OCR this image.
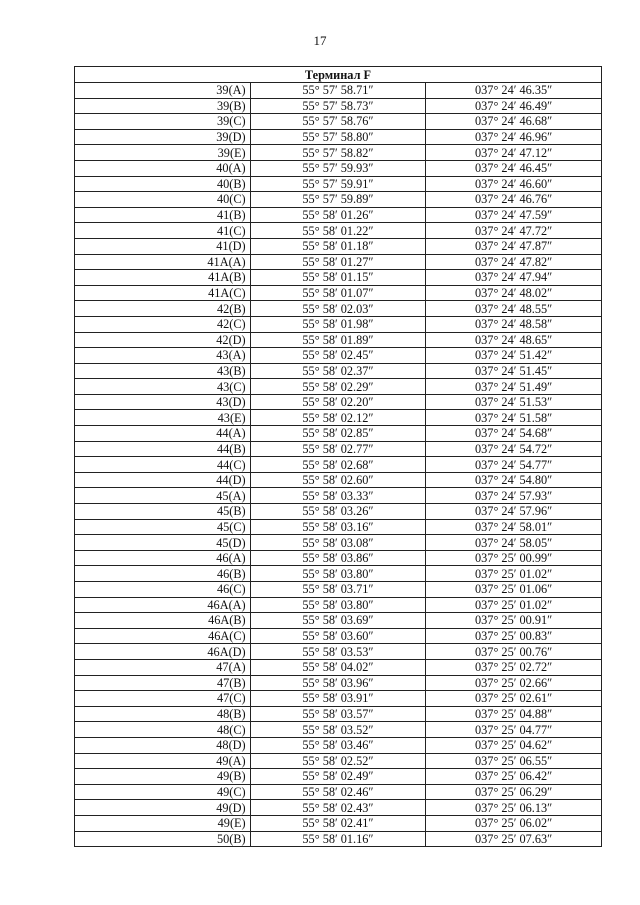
17
Терминал F		
39(A)	55° 57′ 58.71″	037° 24′ 46.35″
39(B)	55° 57′ 58.73″	037° 24′ 46.49″
39(C)	55° 57′ 58.76″	037° 24′ 46.68″
39(D)	55° 57′ 58.80″	037° 24′ 46.96″
39(E)	55° 57′ 58.82″	037° 24′ 47.12″
40(A)	55° 57′ 59.93″	037° 24′ 46.45″
40(B)	55° 57′ 59.91″	037° 24′ 46.60″
40(C)	55° 57′ 59.89″	037° 24′ 46.76″
41(B)	55° 58′ 01.26″	037° 24′ 47.59″
41(C)	55° 58′ 01.22″	037° 24′ 47.72″
41(D)	55° 58′ 01.18″	037° 24′ 47.87″
41A(A)	55° 58′ 01.27″	037° 24′ 47.82″
41A(B)	55° 58′ 01.15″	037° 24′ 47.94″
41A(C)	55° 58′ 01.07″	037° 24′ 48.02″
42(B)	55° 58′ 02.03″	037° 24′ 48.55″
42(C)	55° 58′ 01.98″	037° 24′ 48.58″
42(D)	55° 58′ 01.89″	037° 24′ 48.65″
43(A)	55° 58′ 02.45″	037° 24′ 51.42″
43(B)	55° 58′ 02.37″	037° 24′ 51.45″
43(C)	55° 58′ 02.29″	037° 24′ 51.49″
43(D)	55° 58′ 02.20″	037° 24′ 51.53″
43(E)	55° 58′ 02.12″	037° 24′ 51.58″
44(A)	55° 58′ 02.85″	037° 24′ 54.68″
44(B)	55° 58′ 02.77″	037° 24′ 54.72″
44(C)	55° 58′ 02.68″	037° 24′ 54.77″
44(D)	55° 58′ 02.60″	037° 24′ 54.80″
45(A)	55° 58′ 03.33″	037° 24′ 57.93″
45(B)	55° 58′ 03.26″	037° 24′ 57.96″
45(C)	55° 58′ 03.16″	037° 24′ 58.01″
45(D)	55° 58′ 03.08″	037° 24′ 58.05″
46(A)	55° 58′ 03.86″	037° 25′ 00.99″
46(B)	55° 58′ 03.80″	037° 25′ 01.02″
46(C)	55° 58′ 03.71″	037° 25′ 01.06″
46A(A)	55° 58′ 03.80″	037° 25′ 01.02″
46A(B)	55° 58′ 03.69″	037° 25′ 00.91″
46A(C)	55° 58′ 03.60″	037° 25′ 00.83″
46A(D)	55° 58′ 03.53″	037° 25′ 00.76″
47(A)	55° 58′ 04.02″	037° 25′ 02.72″
47(B)	55° 58′ 03.96″	037° 25′ 02.66″
47(C)	55° 58′ 03.91″	037° 25′ 02.61″
48(B)	55° 58′ 03.57″	037° 25′ 04.88″
48(C)	55° 58′ 03.52″	037° 25′ 04.77″
48(D)	55° 58′ 03.46″	037° 25′ 04.62″
49(A)	55° 58′ 02.52″	037° 25′ 06.55″
49(B)	55° 58′ 02.49″	037° 25′ 06.42″
49(C)	55° 58′ 02.46″	037° 25′ 06.29″
49(D)	55° 58′ 02.43″	037° 25′ 06.13″
49(E)	55° 58′ 02.41″	037° 25′ 06.02″
50(B)	55° 58′ 01.16″	037° 25′ 07.63″
